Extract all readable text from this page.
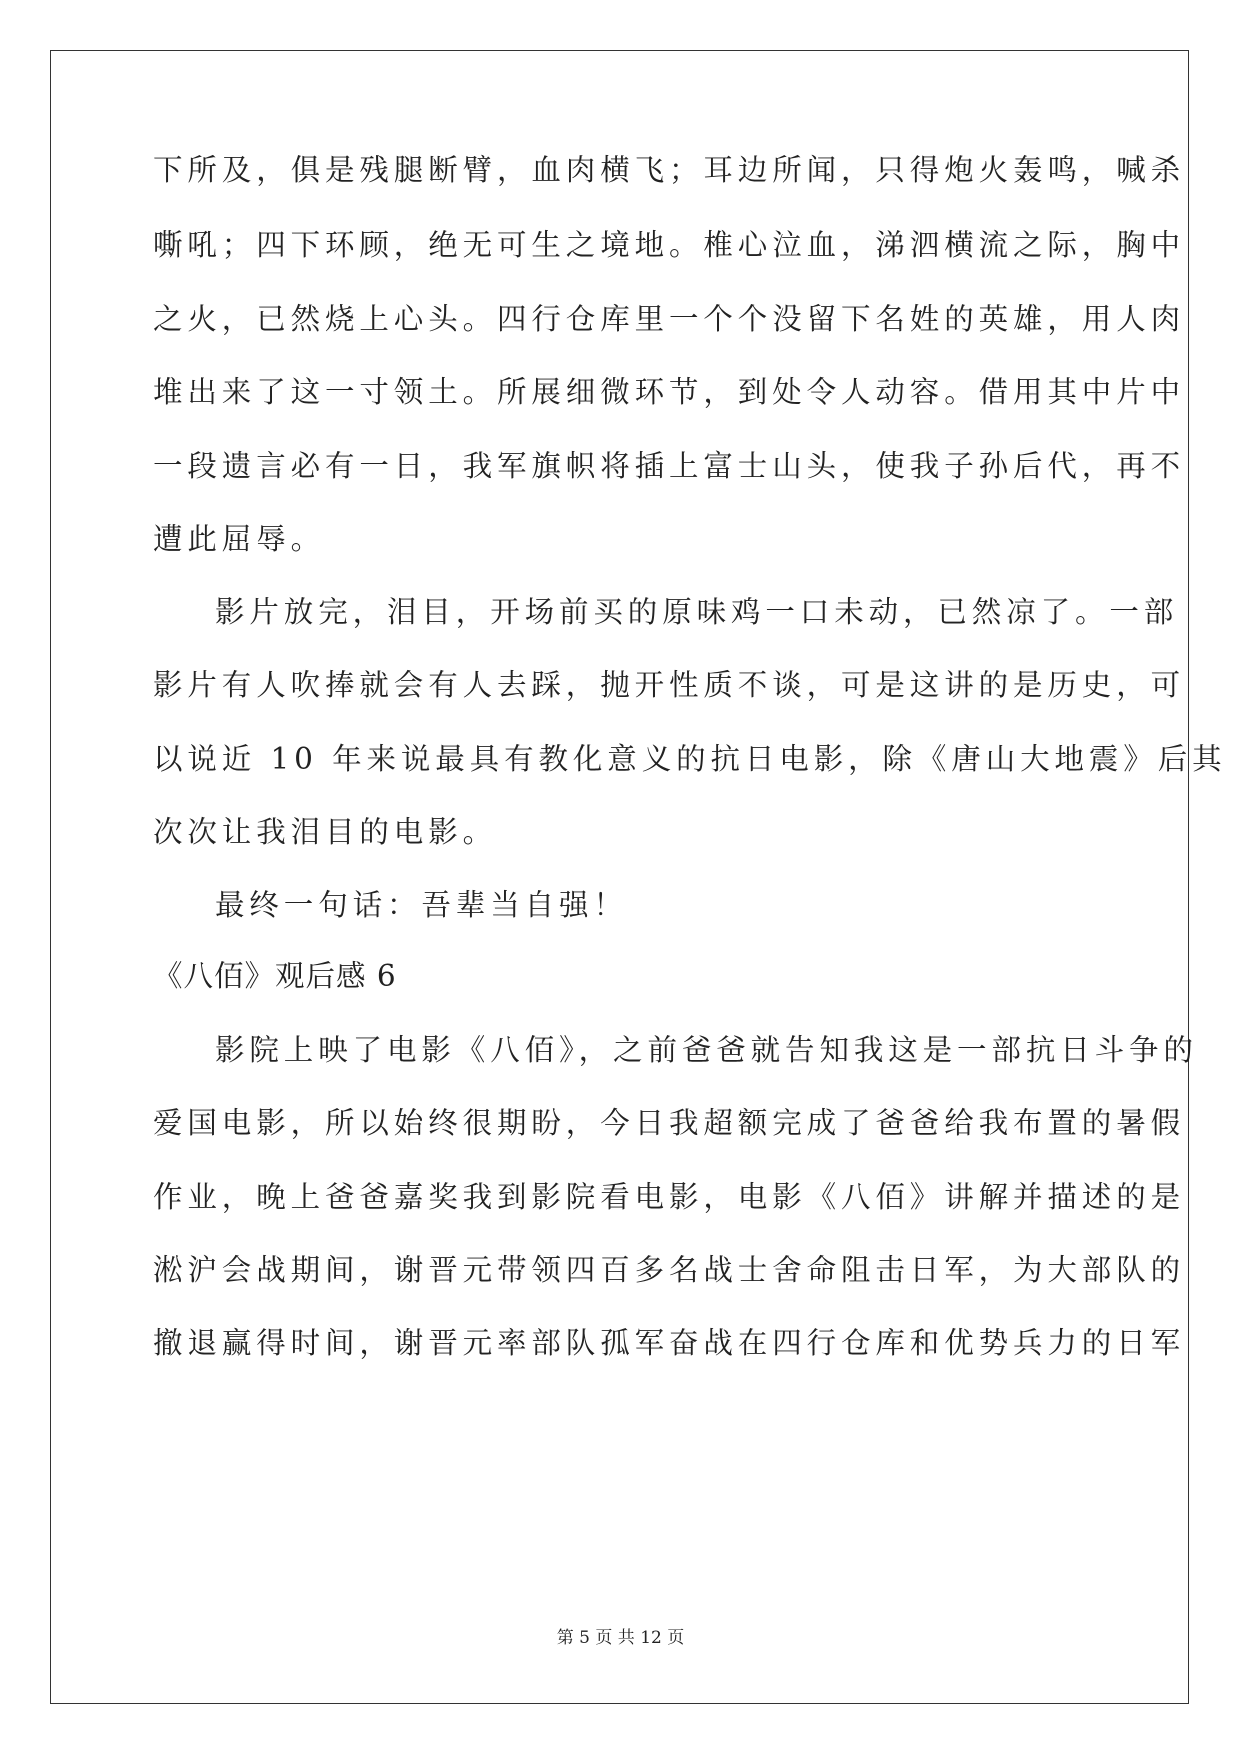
下所及，俱是残腿断臂，血肉横飞；耳边所闻，只得炮火轰鸣，喊杀

嘶吼；四下环顾，绝无可生之境地。椎心泣血，涕泗横流之际，胸中

之火，已然烧上心头。四行仓库里一个个没留下名姓的英雄，用人肉

堆出来了这一寸领土。所展细微环节，到处令人动容。借用其中片中

一段遗言必有一日，我军旗帜将插上富士山头，使我子孙后代，再不

遭此屈辱。

影片放完，泪目，开场前买的原味鸡一口未动，已然凉了。一部

影片有人吹捧就会有人去踩，抛开性质不谈，可是这讲的是历史，可

以说近 10 年来说最具有教化意义的抗日电影，除《唐山大地震》后其

次次让我泪目的电影。

最终一句话：吾辈当自强！

《八佰》观后感 6

影院上映了电影《八佰》，之前爸爸就告知我这是一部抗日斗争的

爱国电影，所以始终很期盼，今日我超额完成了爸爸给我布置的暑假

作业，晚上爸爸嘉奖我到影院看电影，电影《八佰》讲解并描述的是

淞沪会战期间，谢晋元带领四百多名战士舍命阻击日军，为大部队的

撤退赢得时间，谢晋元率部队孤军奋战在四行仓库和优势兵力的日军

第 5 页 共 12 页
